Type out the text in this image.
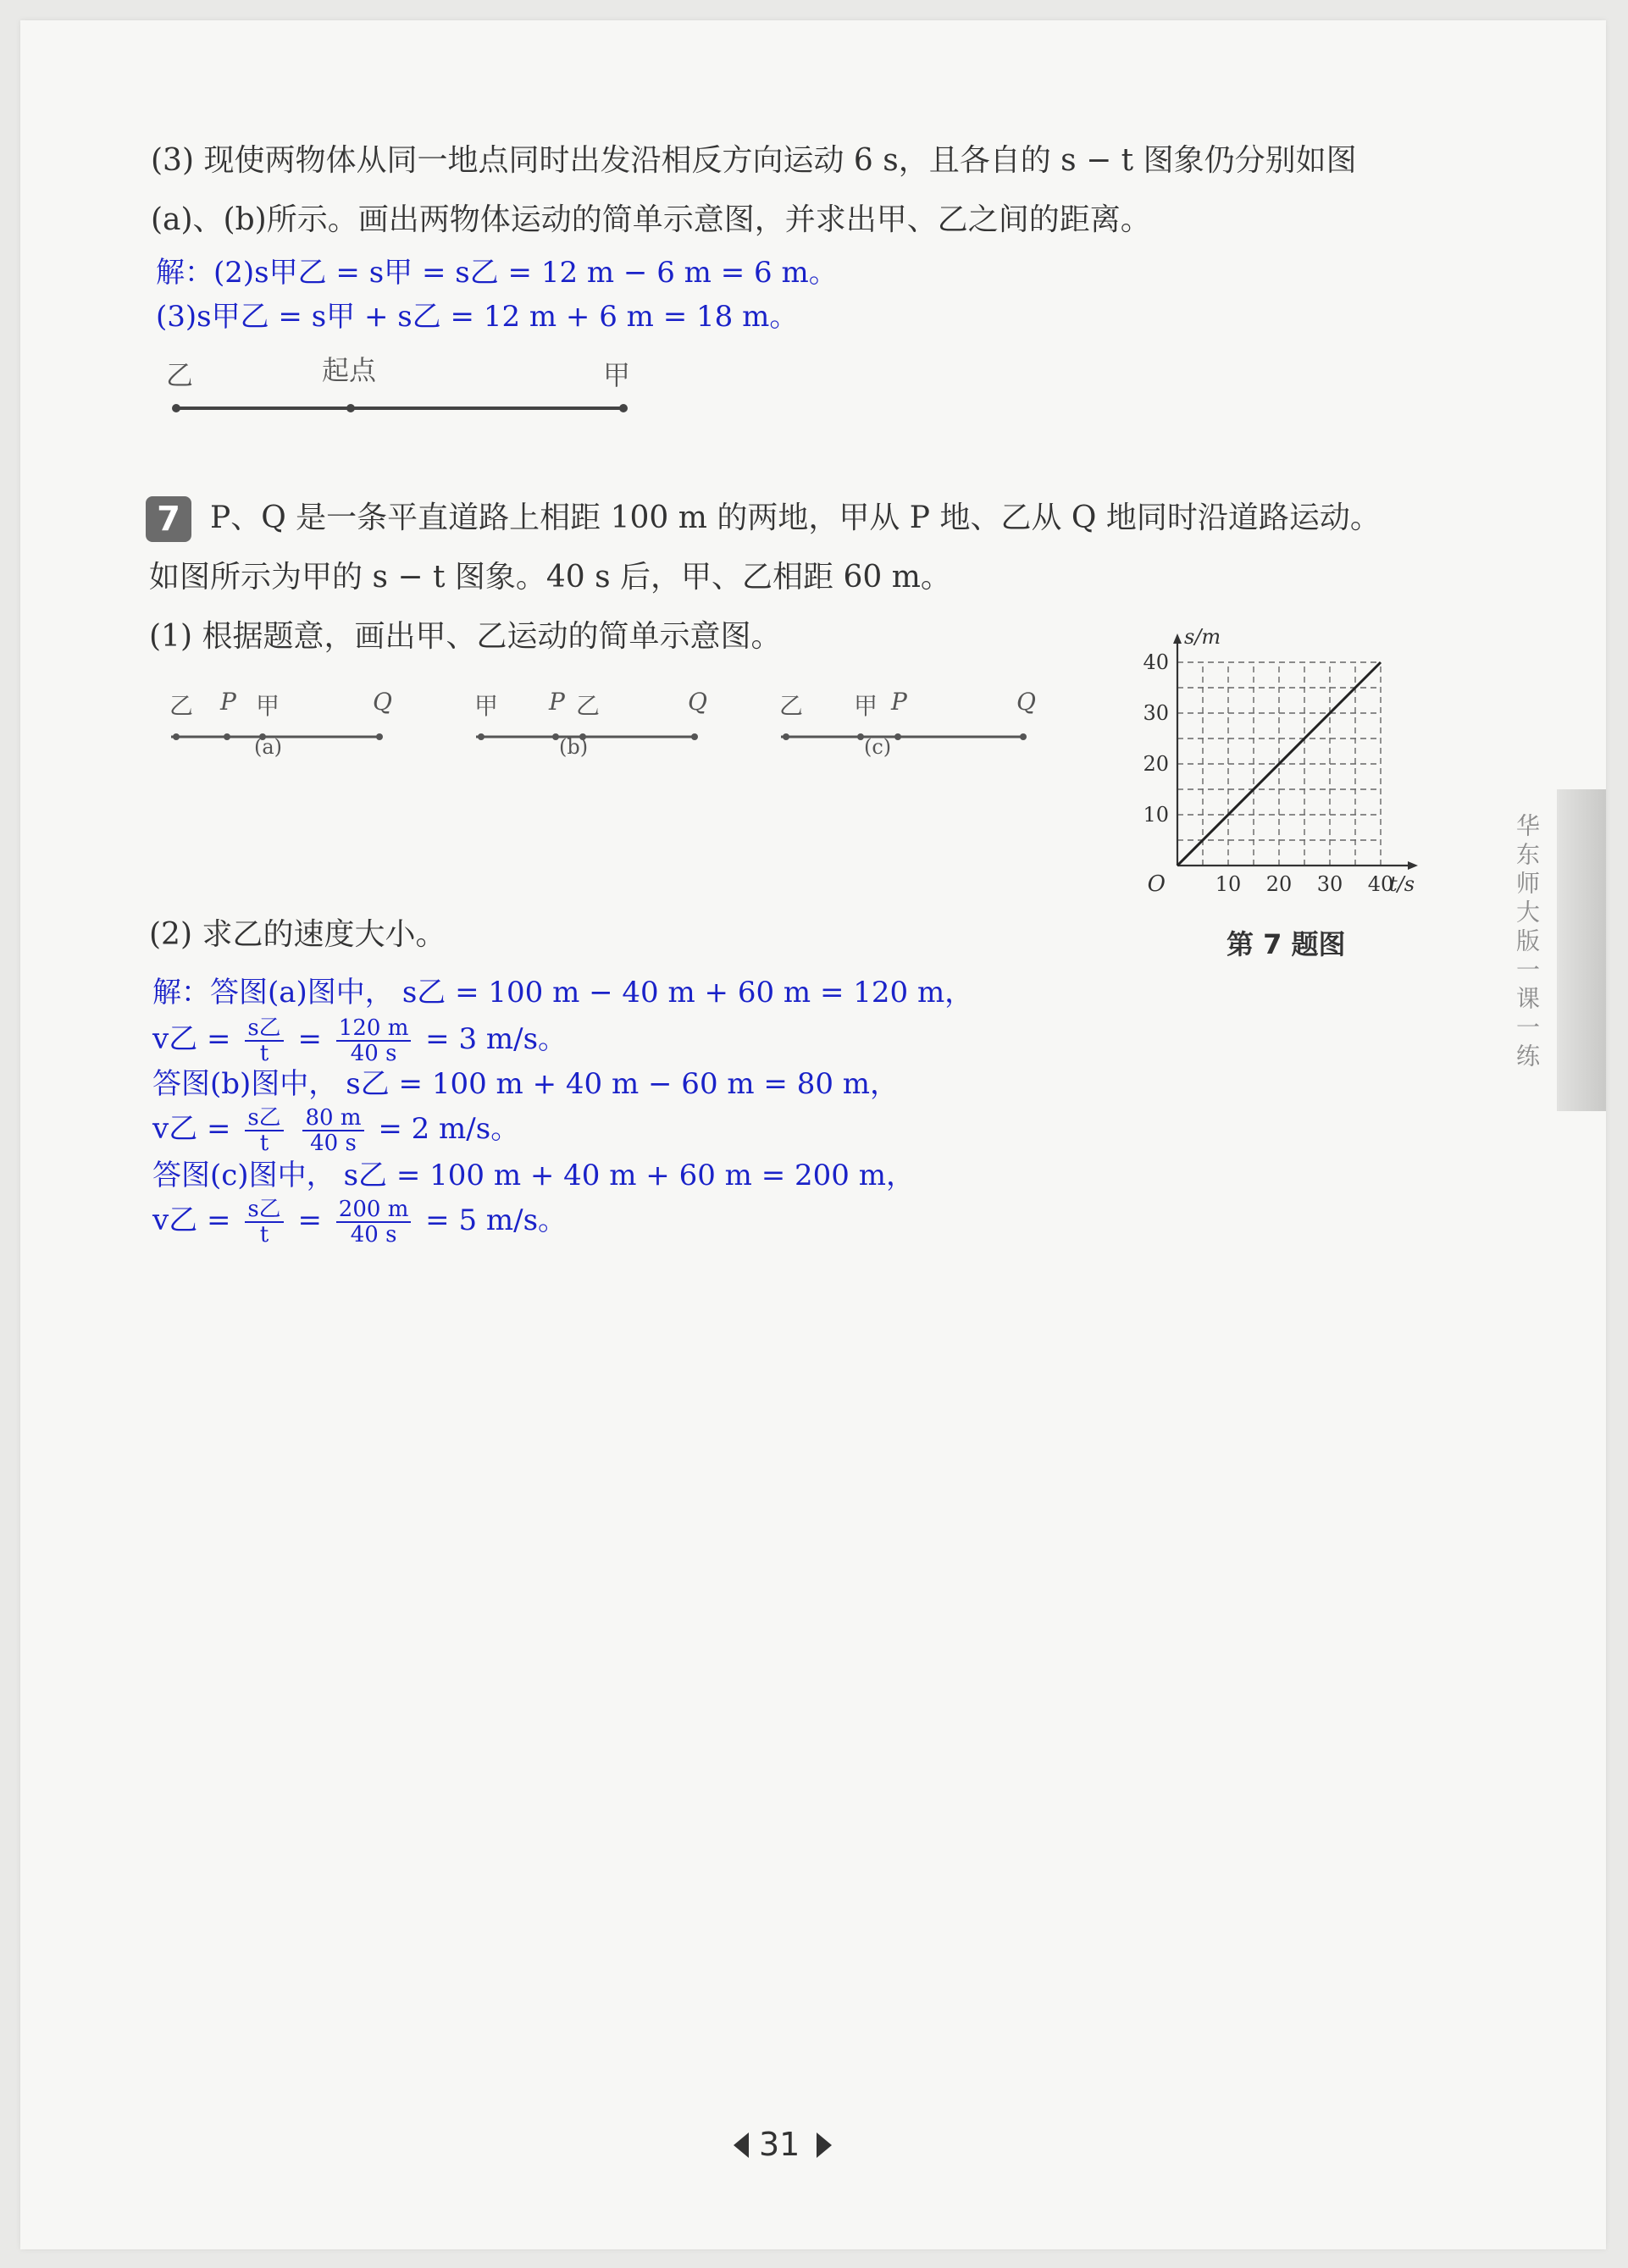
(3) 现使两物体从同一地点同时出发沿相反方向运动 6 s，且各自的 s − t 图象仍分别如图
(a)、(b)所示。画出两物体运动的简单示意图，并求出甲、乙之间的距离。
解：(2)s甲乙 = s甲 = s乙 = 12 m − 6 m = 6 m。
(3)s甲乙 = s甲 + s乙 = 12 m + 6 m = 18 m。
乙	起点	甲
7 P、Q 是一条平直道路上相距 100 m 的两地，甲从 P 地、乙从 Q 地同时沿道路运动。
如图所示为甲的 s − t 图象。40 s 后，甲、乙相距 60 m。
(1) 根据题意，画出甲、乙运动的简单示意图。
乙 P 甲	Q
(a)
甲 P 乙	Q
(b)
乙 甲 P	Q
(c)
10 20 30 40
10
20
30
40
O	t/s
s/m
第 7 题图
(2) 求乙的速度大小。
解：答图(a)图中， s乙 = 100 m − 40 m + 60 m = 120 m，
v乙 = $\frac{\text{s乙}}{t} = \frac{120 m}{40 s} = 3$ m/s。
答图(b)图中， s乙 = 100 m + 40 m − 60 m = 80 m，
v乙 = $\frac{\text{s乙}}{t}$
$\frac{80 m}{40 s} = 2$ m/s。
答图(c)图中， s乙 = 100 m + 40 m + 60 m = 200 m，
v乙 = $\frac{\text{s乙}}{t} = \frac{200 m}{40 s} = 5$ m/s。
华东师大版一课一练
31
